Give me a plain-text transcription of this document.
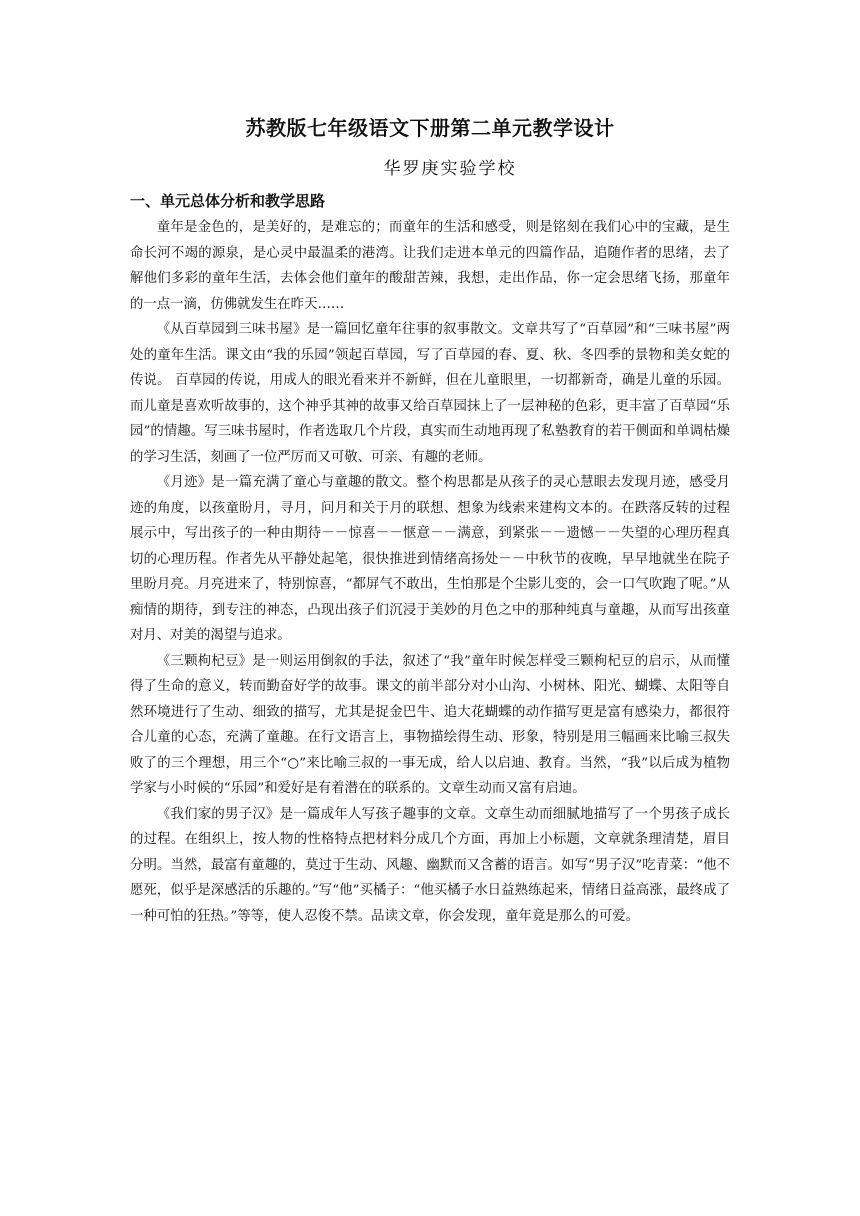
苏教版七年级语文下册第二单元教学设计
华罗庚实验学校
一、单元总体分析和教学思路

童年是金色的，是美好的，是难忘的；而童年的生活和感受，则是铭刻在我们心中的宝藏，是生命长河不竭的源泉，是心灵中最温柔的港湾。让我们走进本单元的四篇作品，追随作者的思绪，去了解他们多彩的童年生活，去体会他们童年的酸甜苦辣，我想，走出作品，你一定会思绪飞扬，那童年的一点一滴，仿佛就发生在昨天……

《从百草园到三味书屋》是一篇回忆童年往事的叙事散文。文章共写了“百草园”和“三味书屋”两处的童年生活。课文由“我的乐园”领起百草园，写了百草园的春、夏、秋、冬四季的景物和美女蛇的传说。 百草园的传说，用成人的眼光看来并不新鲜，但在儿童眼里，一切都新奇，确是儿童的乐园。而儿童是喜欢听故事的，这个神乎其神的故事又给百草园抹上了一层神秘的色彩，更丰富了百草园“乐园”的情趣。写三味书屋时，作者选取几个片段，真实而生动地再现了私塾教育的若干侧面和单调枯燥的学习生活，刻画了一位严厉而又可敬、可亲、有趣的老师。

《月迹》是一篇充满了童心与童趣的散文。整个构思都是从孩子的灵心慧眼去发现月迹，感受月迹的角度，以孩童盼月，寻月，问月和关于月的联想、想象为线索来建构文本的。在跌落反转的过程展示中，写出孩子的一种由期待－－惊喜－－惬意－－满意，到紧张－－遗憾－－失望的心理历程真切的心理历程。作者先从平静处起笔，很快推进到情绪高扬处－－中秋节的夜晚，早早地就坐在院子里盼月亮。月亮进来了，特别惊喜，“都屏气不敢出，生怕那是个尘影儿变的，会一口气吹跑了呢。”从痴情的期待，到专注的神态，凸现出孩子们沉浸于美妙的月色之中的那种纯真与童趣，从而写出孩童对月、对美的渴望与追求。

《三颗枸杞豆》是一则运用倒叙的手法，叙述了“我”童年时候怎样受三颗枸杞豆的启示，从而懂得了生命的意义，转而勤奋好学的故事。课文的前半部分对小山沟、小树林、阳光、蝴蝶、太阳等自然环境进行了生动、细致的描写，尤其是捉金巴牛、追大花蝴蝶的动作描写更是富有感染力，都很符合儿童的心态，充满了童趣。在行文语言上，事物描绘得生动、形象，特别是用三幅画来比喻三叔失败了的三个理想，用三个“○”来比喻三叔的一事无成，给人以启迪、教育。当然，“我”以后成为植物学家与小时候的“乐园”和爱好是有着潜在的联系的。文章生动而又富有启迪。

《我们家的男子汉》是一篇成年人写孩子趣事的文章。文章生动而细腻地描写了一个男孩子成长的过程。在组织上，按人物的性格特点把材料分成几个方面，再加上小标题，文章就条理清楚，眉目分明。当然，最富有童趣的，莫过于生动、风趣、幽默而又含蓄的语言。如写“男子汉”吃青菜：“他不愿死，似乎是深感活的乐趣的。”写“他”买橘子：“他买橘子水日益熟练起来，情绪日益高涨，最终成了一种可怕的狂热。”等等，使人忍俊不禁。品读文章，你会发现，童年竟是那么的可爱。
